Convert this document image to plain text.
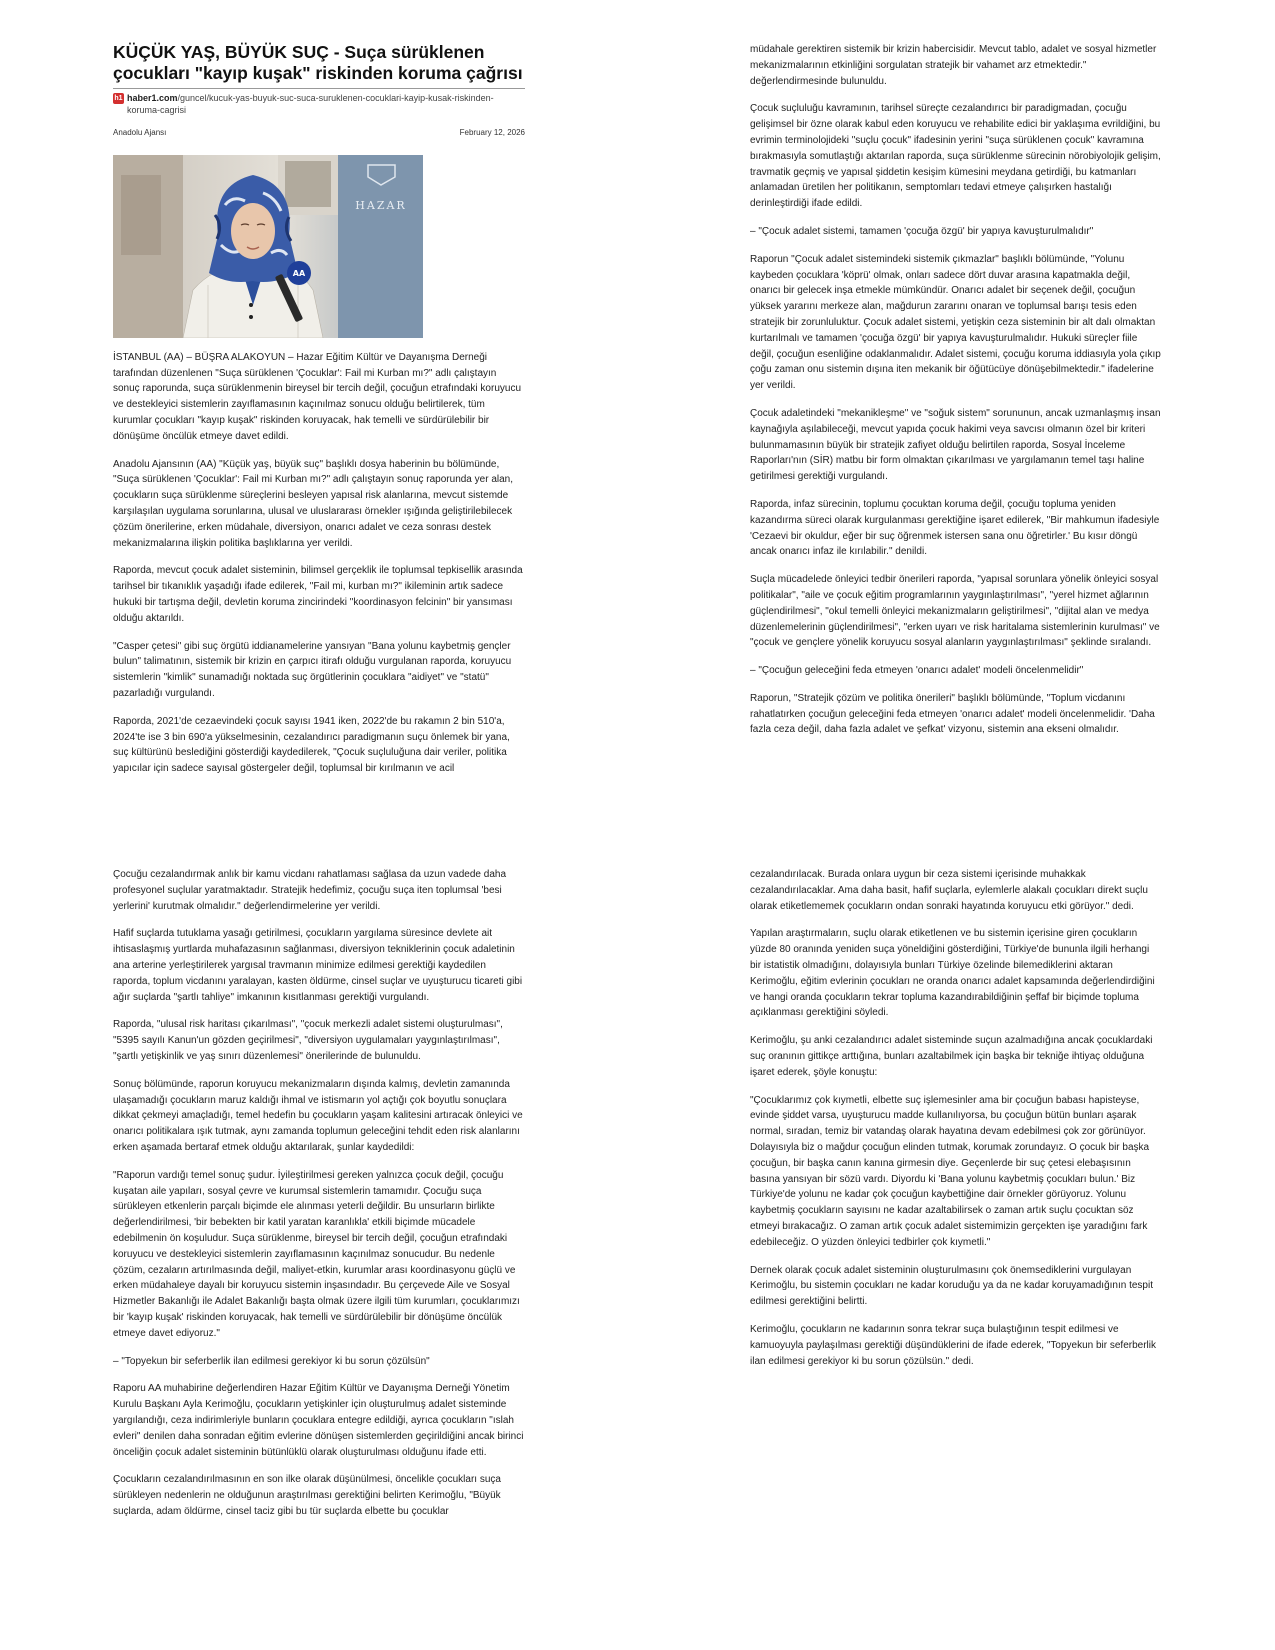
KÜÇÜK YAŞ, BÜYÜK SUÇ - Suça sürüklenen çocukları "kayıp kuşak" riskinden koruma çağrısı
h1 haber1.com/guncel/kucuk-yas-buyuk-suc-suca-suruklenen-cocuklari-kayip-kusak-riskinden-koruma-cagrisi
Anadolu Ajansı	February 12, 2026
HAZAR
AA

İSTANBUL (AA) – BÜŞRA ALAKOYUN – Hazar Eğitim Kültür ve Dayanışma Derneği tarafından düzenlenen "Suça sürüklenen 'Çocuklar': Fail mi Kurban mı?" adlı çalıştayın sonuç raporunda, suça sürüklenmenin bireysel bir tercih değil, çocuğun etrafındaki koruyucu ve destekleyici sistemlerin zayıflamasının kaçınılmaz sonucu olduğu belirtilerek, tüm kurumlar çocukları "kayıp kuşak" riskinden koruyacak, hak temelli ve sürdürülebilir bir dönüşüme öncülük etmeye davet edildi.

Anadolu Ajansının (AA) "Küçük yaş, büyük suç" başlıklı dosya haberinin bu bölümünde, "Suça sürüklenen 'Çocuklar': Fail mi Kurban mı?" adlı çalıştayın sonuç raporunda yer alan, çocukların suça sürüklenme süreçlerini besleyen yapısal risk alanlarına, mevcut sistemde karşılaşılan uygulama sorunlarına, ulusal ve uluslararası örnekler ışığında geliştirilebilecek çözüm önerilerine, erken müdahale, diversiyon, onarıcı adalet ve ceza sonrası destek mekanizmalarına ilişkin politika başlıklarına yer verildi.

Raporda, mevcut çocuk adalet sisteminin, bilimsel gerçeklik ile toplumsal tepkisellik arasında tarihsel bir tıkanıklık yaşadığı ifade edilerek, "Fail mi, kurban mı?" ikileminin artık sadece hukuki bir tartışma değil, devletin koruma zincirindeki "koordinasyon felcinin" bir yansıması olduğu aktarıldı.

"Casper çetesi" gibi suç örgütü iddianamelerine yansıyan "Bana yolunu kaybetmiş gençler bulun" talimatının, sistemik bir krizin en çarpıcı itirafı olduğu vurgulanan raporda, koruyucu sistemlerin "kimlik" sunamadığı noktada suç örgütlerinin çocuklara "aidiyet" ve "statü" pazarladığı vurgulandı.

Raporda, 2021'de cezaevindeki çocuk sayısı 1941 iken, 2022'de bu rakamın 2 bin 510'a, 2024'te ise 3 bin 690'a yükselmesinin, cezalandırıcı paradigmanın suçu önlemek bir yana, suç kültürünü beslediğini gösterdiği kaydedilerek, "Çocuk suçluluğuna dair veriler, politika yapıcılar için sadece sayısal göstergeler değil, toplumsal bir kırılmanın ve acil

müdahale gerektiren sistemik bir krizin habercisidir. Mevcut tablo, adalet ve sosyal hizmetler mekanizmalarının etkinliğini sorgulatan stratejik bir vahamet arz etmektedir." değerlendirmesinde bulunuldu.

Çocuk suçluluğu kavramının, tarihsel süreçte cezalandırıcı bir paradigmadan, çocuğu gelişimsel bir özne olarak kabul eden koruyucu ve rehabilite edici bir yaklaşıma evrildiğini, bu evrimin terminolojideki "suçlu çocuk" ifadesinin yerini "suça sürüklenen çocuk" kavramına bırakmasıyla somutlaştığı aktarılan raporda, suça sürüklenme sürecinin nörobiyolojik gelişim, travmatik geçmiş ve yapısal şiddetin kesişim kümesini meydana getirdiği, bu katmanları anlamadan üretilen her politikanın, semptomları tedavi etmeye çalışırken hastalığı derinleştirdiği ifade edildi.

– "Çocuk adalet sistemi, tamamen 'çocuğa özgü' bir yapıya kavuşturulmalıdır"

Raporun "Çocuk adalet sistemindeki sistemik çıkmazlar" başlıklı bölümünde, "Yolunu kaybeden çocuklara 'köprü' olmak, onları sadece dört duvar arasına kapatmakla değil, onarıcı bir gelecek inşa etmekle mümkündür. Onarıcı adalet bir seçenek değil, çocuğun yüksek yararını merkeze alan, mağdurun zararını onaran ve toplumsal barışı tesis eden stratejik bir zorunluluktur. Çocuk adalet sistemi, yetişkin ceza sisteminin bir alt dalı olmaktan kurtarılmalı ve tamamen 'çocuğa özgü' bir yapıya kavuşturulmalıdır. Hukuki süreçler fiile değil, çocuğun esenliğine odaklanmalıdır. Adalet sistemi, çocuğu koruma iddiasıyla yola çıkıp çoğu zaman onu sistemin dışına iten mekanik bir öğütücüye dönüşebilmektedir." ifadelerine yer verildi.

Çocuk adaletindeki "mekanikleşme" ve "soğuk sistem" sorununun, ancak uzmanlaşmış insan kaynağıyla aşılabileceği, mevcut yapıda çocuk hakimi veya savcısı olmanın özel bir kriteri bulunmamasının büyük bir stratejik zafiyet olduğu belirtilen raporda, Sosyal İnceleme Raporları'nın (SİR) matbu bir form olmaktan çıkarılması ve yargılamanın temel taşı haline getirilmesi gerektiği vurgulandı.

Raporda, infaz sürecinin, toplumu çocuktan koruma değil, çocuğu topluma yeniden kazandırma süreci olarak kurgulanması gerektiğine işaret edilerek, "Bir mahkumun ifadesiyle 'Cezaevi bir okuldur, eğer bir suç öğrenmek istersen sana onu öğretirler.' Bu kısır döngü ancak onarıcı infaz ile kırılabilir." denildi.

Suçla mücadelede önleyici tedbir önerileri raporda, "yapısal sorunlara yönelik önleyici sosyal politikalar", "aile ve çocuk eğitim programlarının yaygınlaştırılması", "yerel hizmet ağlarının güçlendirilmesi", "okul temelli önleyici mekanizmaların geliştirilmesi", "dijital alan ve medya düzenlemelerinin güçlendirilmesi", "erken uyarı ve risk haritalama sistemlerinin kurulması" ve "çocuk ve gençlere yönelik koruyucu sosyal alanların yaygınlaştırılması" şeklinde sıralandı.

– "Çocuğun geleceğini feda etmeyen 'onarıcı adalet' modeli öncelenmelidir"

Raporun, "Stratejik çözüm ve politika önerileri" başlıklı bölümünde, "Toplum vicdanını rahatlatırken çocuğun geleceğini feda etmeyen 'onarıcı adalet' modeli öncelenmelidir. 'Daha fazla ceza değil, daha fazla adalet ve şefkat' vizyonu, sistemin ana ekseni olmalıdır.

Çocuğu cezalandırmak anlık bir kamu vicdanı rahatlaması sağlasa da uzun vadede daha profesyonel suçlular yaratmaktadır. Stratejik hedefimiz, çocuğu suça iten toplumsal 'besi yerlerini' kurutmak olmalıdır." değerlendirmelerine yer verildi.

Hafif suçlarda tutuklama yasağı getirilmesi, çocukların yargılama süresince devlete ait ihtisaslaşmış yurtlarda muhafazasının sağlanması, diversiyon tekniklerinin çocuk adaletinin ana arterine yerleştirilerek yargısal travmanın minimize edilmesi gerektiği kaydedilen raporda, toplum vicdanını yaralayan, kasten öldürme, cinsel suçlar ve uyuşturucu ticareti gibi ağır suçlarda "şartlı tahliye" imkanının kısıtlanması gerektiği vurgulandı.

Raporda, "ulusal risk haritası çıkarılması", "çocuk merkezli adalet sistemi oluşturulması", "5395 sayılı Kanun'un gözden geçirilmesi", "diversiyon uygulamaları yaygınlaştırılması", "şartlı yetişkinlik ve yaş sınırı düzenlemesi" önerilerinde de bulunuldu.

Sonuç bölümünde, raporun koruyucu mekanizmaların dışında kalmış, devletin zamanında ulaşamadığı çocukların maruz kaldığı ihmal ve istismarın yol açtığı çok boyutlu sonuçlara dikkat çekmeyi amaçladığı, temel hedefin bu çocukların yaşam kalitesini artıracak önleyici ve onarıcı politikalara ışık tutmak, aynı zamanda toplumun geleceğini tehdit eden risk alanlarını erken aşamada bertaraf etmek olduğu aktarılarak, şunlar kaydedildi:

"Raporun vardığı temel sonuç şudur. İyileştirilmesi gereken yalnızca çocuk değil, çocuğu kuşatan aile yapıları, sosyal çevre ve kurumsal sistemlerin tamamıdır. Çocuğu suça sürükleyen etkenlerin parçalı biçimde ele alınması yeterli değildir. Bu unsurların birlikte değerlendirilmesi, 'bir bebekten bir katil yaratan karanlıkla' etkili biçimde mücadele edebilmenin ön koşuludur. Suça sürüklenme, bireysel bir tercih değil, çocuğun etrafındaki koruyucu ve destekleyici sistemlerin zayıflamasının kaçınılmaz sonucudur. Bu nedenle çözüm, cezaların artırılmasında değil, maliyet-etkin, kurumlar arası koordinasyonu güçlü ve erken müdahaleye dayalı bir koruyucu sistemin inşasındadır. Bu çerçevede Aile ve Sosyal Hizmetler Bakanlığı ile Adalet Bakanlığı başta olmak üzere ilgili tüm kurumları, çocuklarımızı bir 'kayıp kuşak' riskinden koruyacak, hak temelli ve sürdürülebilir bir dönüşüme öncülük etmeye davet ediyoruz."

– "Topyekun bir seferberlik ilan edilmesi gerekiyor ki bu sorun çözülsün"

Raporu AA muhabirine değerlendiren Hazar Eğitim Kültür ve Dayanışma Derneği Yönetim Kurulu Başkanı Ayla Kerimoğlu, çocukların yetişkinler için oluşturulmuş adalet sisteminde yargılandığı, ceza indirimleriyle bunların çocuklara entegre edildiği, ayrıca çocukların "ıslah evleri" denilen daha sonradan eğitim evlerine dönüşen sistemlerden geçirildiğini ancak birinci önceliğin çocuk adalet sisteminin bütünlüklü olarak oluşturulması olduğunu ifade etti.

Çocukların cezalandırılmasının en son ilke olarak düşünülmesi, öncelikle çocukları suça sürükleyen nedenlerin ne olduğunun araştırılması gerektiğini belirten Kerimoğlu, "Büyük suçlarda, adam öldürme, cinsel taciz gibi bu tür suçlarda elbette bu çocuklar

cezalandırılacak. Burada onlara uygun bir ceza sistemi içerisinde muhakkak cezalandırılacaklar. Ama daha basit, hafif suçlarla, eylemlerle alakalı çocukları direkt suçlu olarak etiketlememek çocukların ondan sonraki hayatında koruyucu etki görüyor." dedi.

Yapılan araştırmaların, suçlu olarak etiketlenen ve bu sistemin içerisine giren çocukların yüzde 80 oranında yeniden suça yöneldiğini gösterdiğini, Türkiye'de bununla ilgili herhangi bir istatistik olmadığını, dolayısıyla bunları Türkiye özelinde bilemediklerini aktaran Kerimoğlu, eğitim evlerinin çocukları ne oranda onarıcı adalet kapsamında değerlendirdiğini ve hangi oranda çocukların tekrar topluma kazandırabildiğinin şeffaf bir biçimde topluma açıklanması gerektiğini söyledi.

Kerimoğlu, şu anki cezalandırıcı adalet sisteminde suçun azalmadığına ancak çocuklardaki suç oranının gittikçe arttığına, bunları azaltabilmek için başka bir tekniğe ihtiyaç olduğuna işaret ederek, şöyle konuştu:

"Çocuklarımız çok kıymetli, elbette suç işlemesinler ama bir çocuğun babası hapisteyse, evinde şiddet varsa, uyuşturucu madde kullanılıyorsa, bu çocuğun bütün bunları aşarak normal, sıradan, temiz bir vatandaş olarak hayatına devam edebilmesi çok zor görünüyor. Dolayısıyla biz o mağdur çocuğun elinden tutmak, korumak zorundayız. O çocuk bir başka çocuğun, bir başka canın kanına girmesin diye. Geçenlerde bir suç çetesi elebaşısının basına yansıyan bir sözü vardı. Diyordu ki 'Bana yolunu kaybetmiş çocukları bulun.' Biz Türkiye'de yolunu ne kadar çok çocuğun kaybettiğine dair örnekler görüyoruz. Yolunu kaybetmiş çocukların sayısını ne kadar azaltabilirsek o zaman artık suçlu çocuktan söz etmeyi bırakacağız. O zaman artık çocuk adalet sistemimizin gerçekten işe yaradığını fark edebileceğiz. O yüzden önleyici tedbirler çok kıymetli."

Dernek olarak çocuk adalet sisteminin oluşturulmasını çok önemsediklerini vurgulayan Kerimoğlu, bu sistemin çocukları ne kadar koruduğu ya da ne kadar koruyamadığının tespit edilmesi gerektiğini belirtti.

Kerimoğlu, çocukların ne kadarının sonra tekrar suça bulaştığının tespit edilmesi ve kamuoyuyla paylaşılması gerektiği düşündüklerini de ifade ederek, "Topyekun bir seferberlik ilan edilmesi gerekiyor ki bu sorun çözülsün." dedi.
